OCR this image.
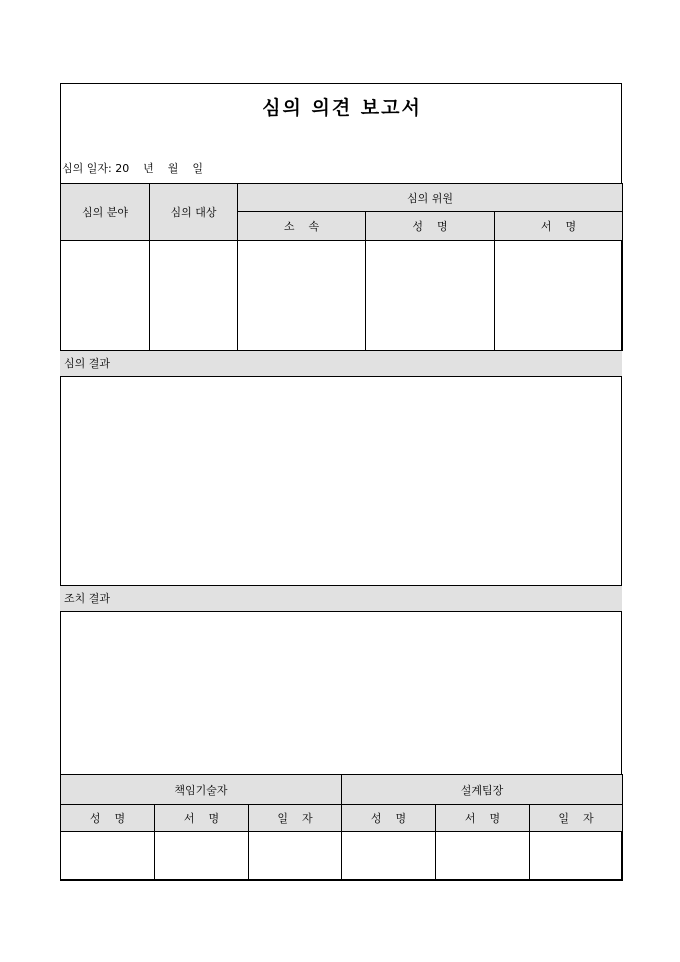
심의 의견 보고서
심의 일자: 20    년    월    일
심의 분야	심의 대상	심의 위원		
		소    속	성    명	서    명

심의 결과
조치 결과
책임기술자			설계팀장		
성    명	서    명	일    자	성    명	서    명	일    자
